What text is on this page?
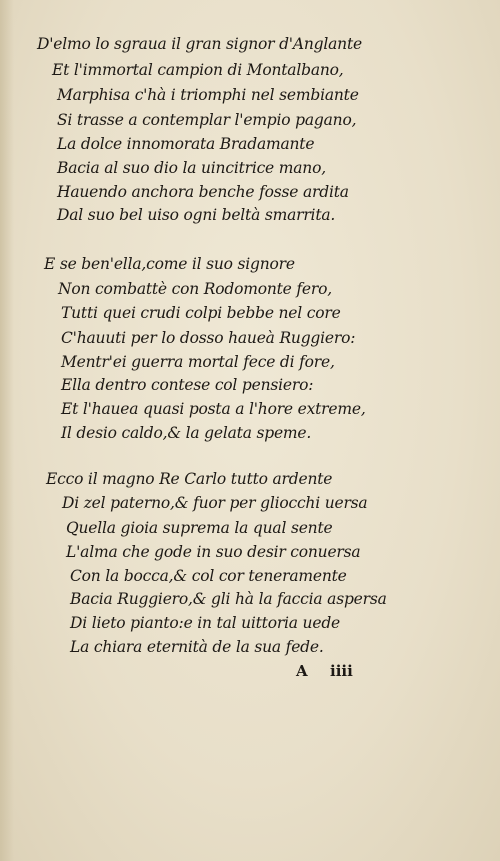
D'elmo lo sgraua il gran signor d'Anglante
Et l'immortal campion di Montalbano,
Marphisa c'hà i triomphi nel sembiante
Si trasse a contemplar l'empio pagano,
La dolce innomorata Bradamante
Bacia al suo dio la uincitrice mano,
Hauendo anchora benche fosse ardita
Dal suo bel uiso ogni beltà smarrita.
E se ben'ella,come il suo signore
Non combattè con Rodomonte fero,
Tutti quei crudi colpi bebbe nel core
C'hauuti per lo dosso haueà Ruggiero:
Mentr'ei guerra mortal fece di fore,
Ella dentro contese col pensiero:
Et l'hauea quasi posta a l'hore extreme,
Il desio caldo,& la gelata speme.
Ecco il magno Re Carlo tutto ardente
Di zel paterno,& fuor per gliocchi uersa
Quella gioia suprema la qual sente
L'alma che gode in suo desir conuersa
Con la bocca,& col cor teneramente
Bacia Ruggiero,& gli hà la faccia aspersa
Di lieto pianto:e in tal uittoria uede
La chiara eternità de la sua fede.
A iiii
